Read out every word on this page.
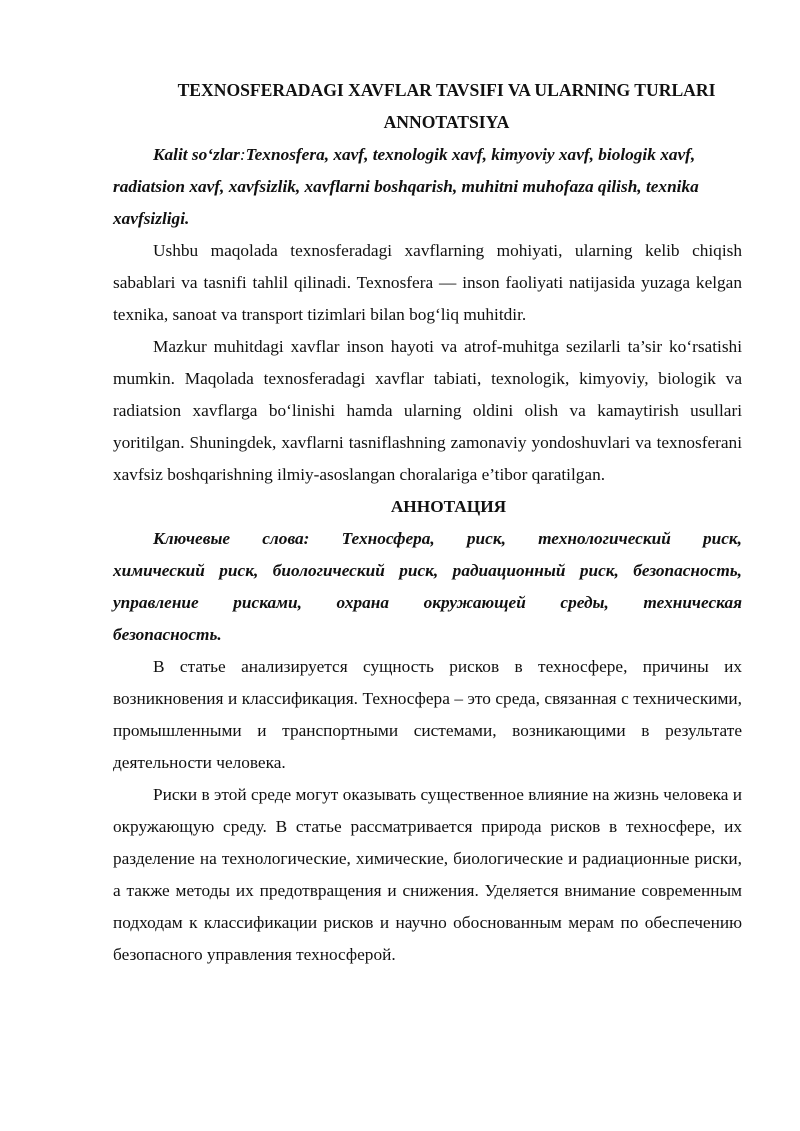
TEXNOSFERADAGI XAVFLAR TAVSIFI VA ULARNING TURLARI

ANNOTATSIYA

Kalit so‘zlar:Texnosfera, xavf, texnologik xavf, kimyoviy xavf, biologik xavf, radiatsion xavf, xavfsizlik, xavflarni boshqarish, muhitni muhofaza qilish, texnika xavfsizligi.

Ushbu maqolada texnosferadagi xavflarning mohiyati, ularning kelib chiqish sabablari va tasnifi tahlil qilinadi. Texnosfera — inson faoliyati natijasida yuzaga kelgan texnika, sanoat va transport tizimlari bilan bog‘liq muhitdir.

Mazkur muhitdagi xavflar inson hayoti va atrof-muhitga sezilarli ta’sir ko‘rsatishi mumkin. Maqolada texnosferadagi xavflar tabiati, texnologik, kimyoviy, biologik va radiatsion xavflarga bo‘linishi hamda ularning oldini olish va kamaytirish usullari yoritilgan. Shuningdek, xavflarni tasniflashning zamonaviy yondoshuvlari va texnosferani xavfsiz boshqarishning ilmiy-asoslangan choralariga e’tibor qaratilgan.

АННОТАЦИЯ

Ключевые слова: Техносфера, риск, технологический риск,
химический риск, биологический риск, радиационный риск, безопасность,
управление рисками, охрана окружающей среды, техническая
безопасность.

В статье анализируется сущность рисков в техносфере, причины их возникновения и классификация. Техносфера – это среда, связанная с техническими, промышленными и транспортными системами, возникающими в результате деятельности человека.

Риски в этой среде могут оказывать существенное влияние на жизнь человека и окружающую среду. В статье рассматривается природа рисков в техносфере, их разделение на технологические, химические, биологические и радиационные риски, а также методы их предотвращения и снижения. Уделяется внимание современным подходам к классификации рисков и научно обоснованным мерам по обеспечению безопасного управления техносферой.
